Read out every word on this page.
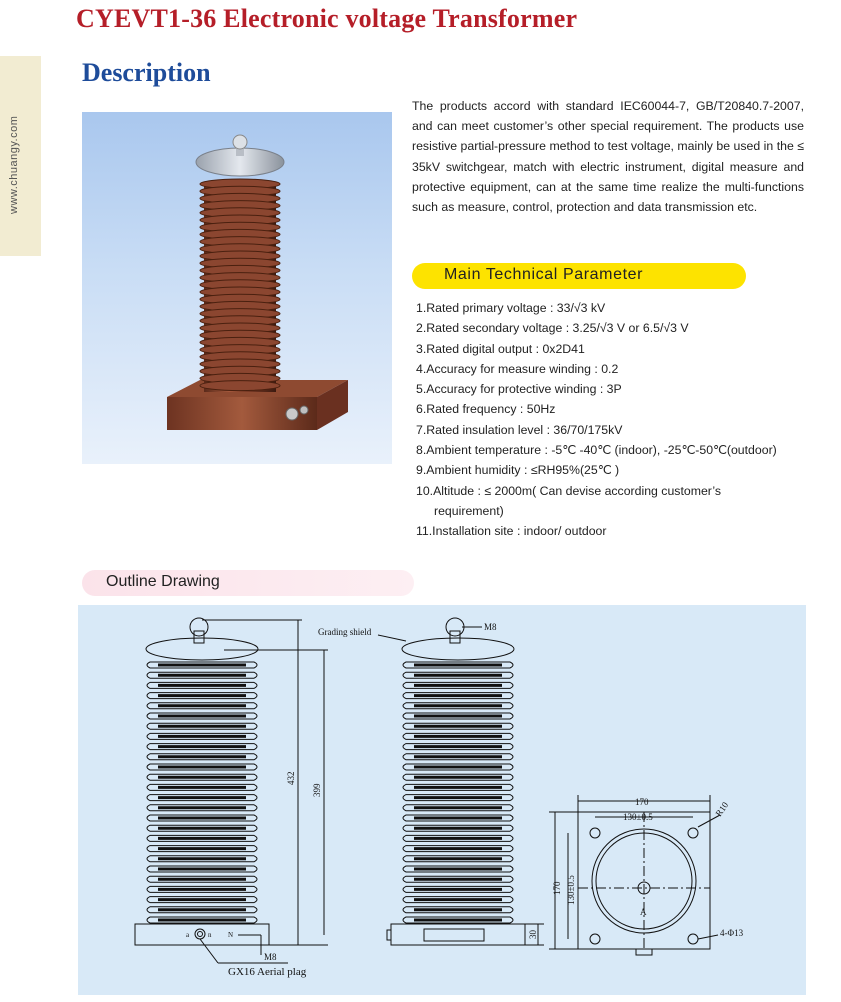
CYEVT1-36 Electronic voltage Transformer
www.chuangy.com
Description
The products accord with standard IEC60044-7, GB/T20840.7-2007, and can meet customer’s other special requirement. The products use resistive partial-pressure method to test voltage, mainly be used in the ≤ 35kV switchgear, match with electric instrument, digital measure and protective equipment, can at the same time realize the multi-functions such as measure, control, protection and data transmission etc.
Main Technical Parameter
1.Rated primary voltage : 33/√3 kV
2.Rated secondary voltage : 3.25/√3 V or 6.5/√3 V
3.Rated digital output : 0x2D41
4.Accuracy for measure winding : 0.2
5.Accuracy for protective winding : 3P
6.Rated frequency : 50Hz
7.Rated insulation level : 36/70/175kV
8.Ambient temperature : -5℃ -40℃ (indoor), -25℃-50℃(outdoor)
9.Ambient humidity : ≤RH95%(25℃ )
10.Altitude : ≤ 2000m( Can devise according customer’s
requirement)
11.Installation site : indoor/ outdoor
Outline Drawing
Grading shield	M8
M8
GX16 Aerial plag
432
399
30
170
130±0.5
170 130±0.5
R10
4-Φ13
A
a	n N
